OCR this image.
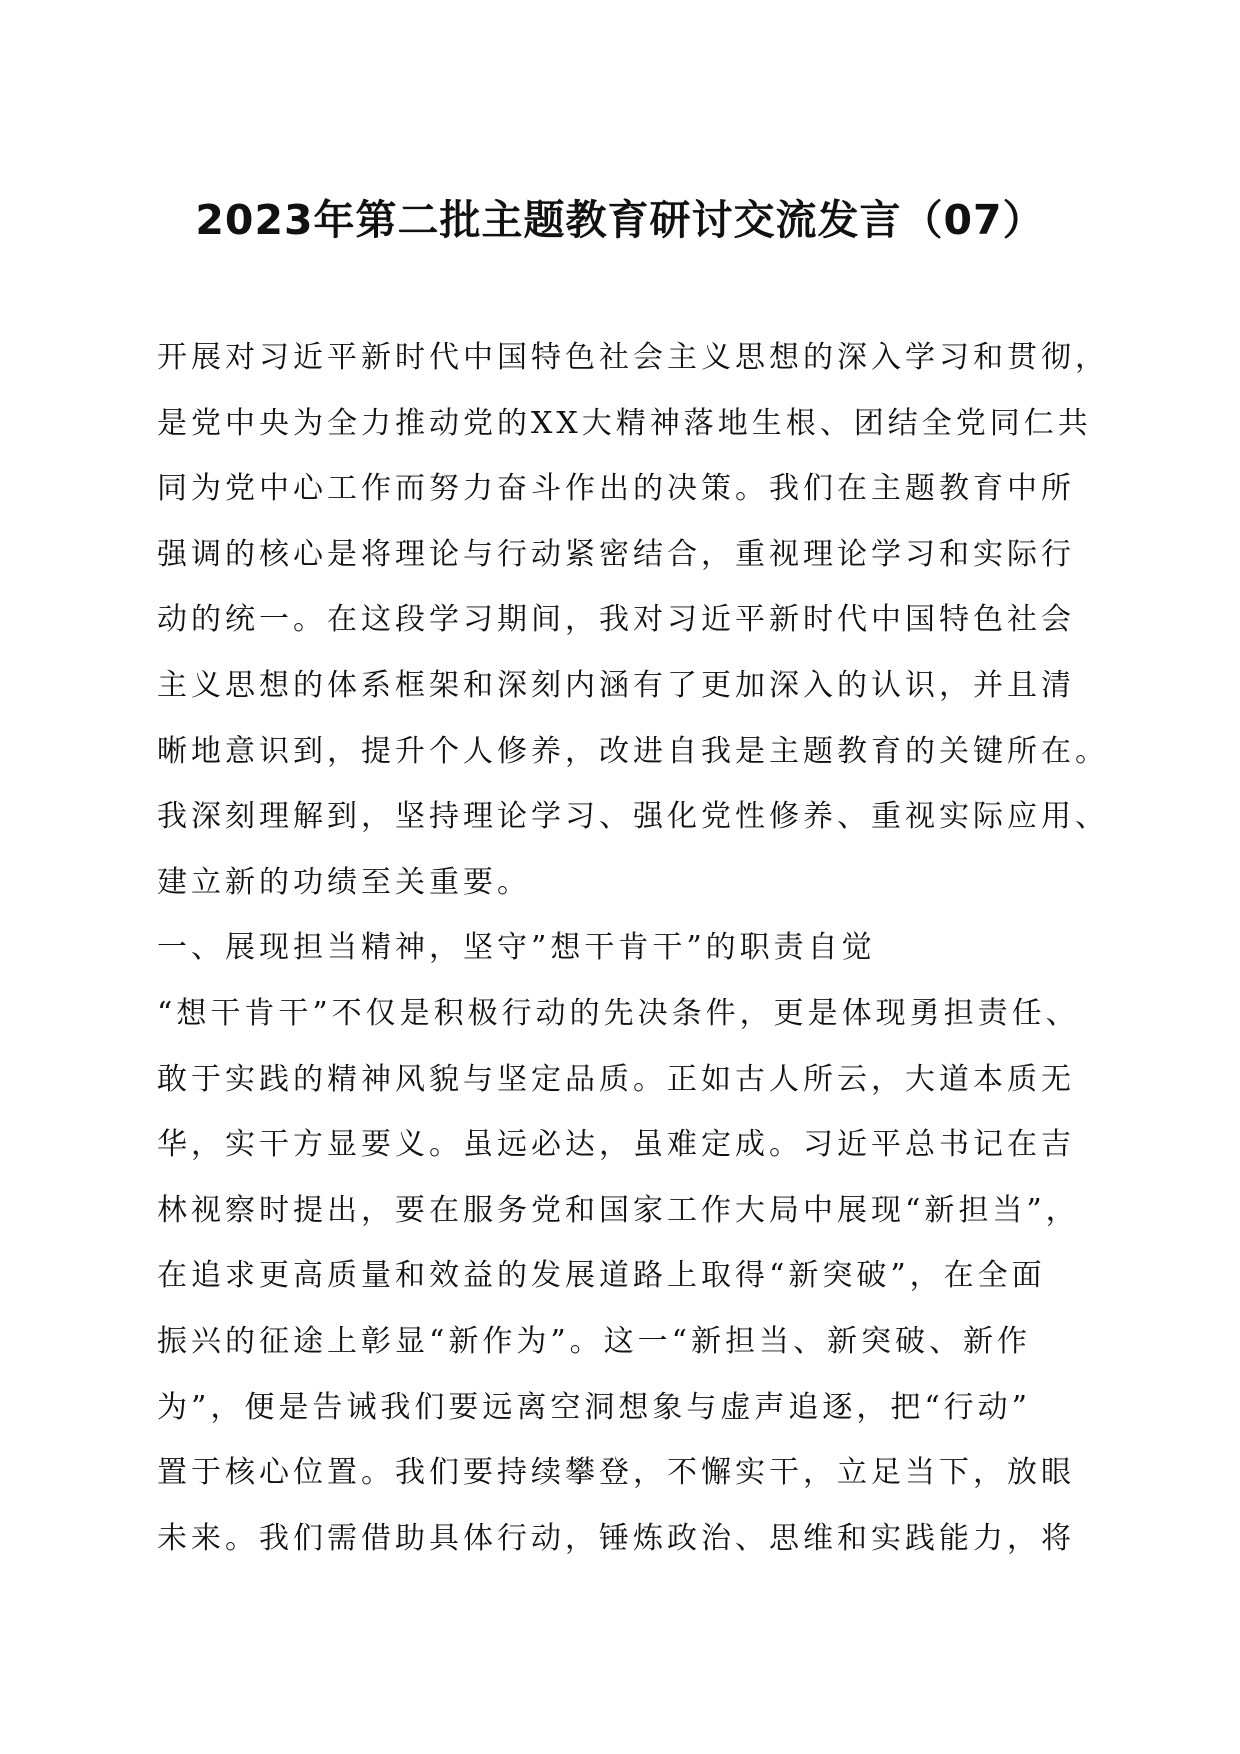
2023年第二批主题教育研讨交流发言（07）
开展对习近平新时代中国特色社会主义思想的深入学习和贯彻，
是党中央为全力推动党的XX大精神落地生根、团结全党同仁共
同为党中心工作而努力奋斗作出的决策。我们在主题教育中所
强调的核心是将理论与行动紧密结合，重视理论学习和实际行
动的统一。在这段学习期间，我对习近平新时代中国特色社会
主义思想的体系框架和深刻内涵有了更加深入的认识，并且清
晰地意识到，提升个人修养，改进自我是主题教育的关键所在。
我深刻理解到，坚持理论学习、强化党性修养、重视实际应用、
建立新的功绩至关重要。
一、展现担当精神，坚守”想干肯干”的职责自觉
“想干肯干”不仅是积极行动的先决条件，更是体现勇担责任、
敢于实践的精神风貌与坚定品质。正如古人所云，大道本质无
华，实干方显要义。虽远必达，虽难定成。习近平总书记在吉
林视察时提出，要在服务党和国家工作大局中展现“新担当”，
在追求更高质量和效益的发展道路上取得“新突破”，在全面
振兴的征途上彰显“新作为”。这一“新担当、新突破、新作
为”，便是告诫我们要远离空洞想象与虚声追逐，把“行动”
置于核心位置。我们要持续攀登，不懈实干，立足当下，放眼
未来。我们需借助具体行动，锤炼政治、思维和实践能力，将
